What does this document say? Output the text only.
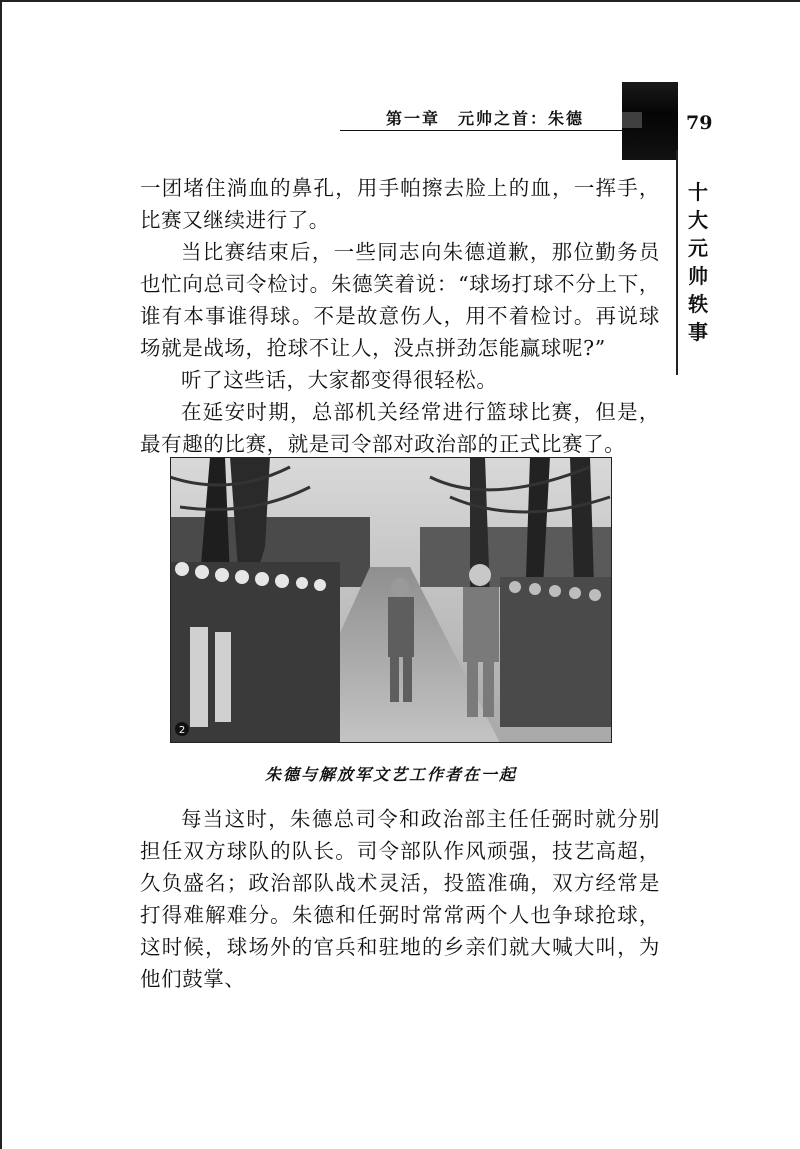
第一章　元帅之首：朱德	79
十大元帅轶事

一团堵住淌血的鼻孔，用手帕擦去脸上的血，一挥手，比赛又继续进行了。

当比赛结束后，一些同志向朱德道歉，那位勤务员也忙向总司令检讨。朱德笑着说：“球场打球不分上下，谁有本事谁得球。不是故意伤人，用不着检讨。再说球场就是战场，抢球不让人，没点拼劲怎能赢球呢?”

听了这些话，大家都变得很轻松。

在延安时期，总部机关经常进行篮球比赛，但是，最有趣的比赛，就是司令部对政治部的正式比赛了。

2
朱德与解放军文艺工作者在一起

每当这时，朱德总司令和政治部主任任弼时就分别担任双方球队的队长。司令部队作风顽强，技艺高超，久负盛名；政治部队战术灵活，投篮准确，双方经常是打得难解难分。朱德和任弼时常常两个人也争球抢球，这时候，球场外的官兵和驻地的乡亲们就大喊大叫，为他们鼓掌、
